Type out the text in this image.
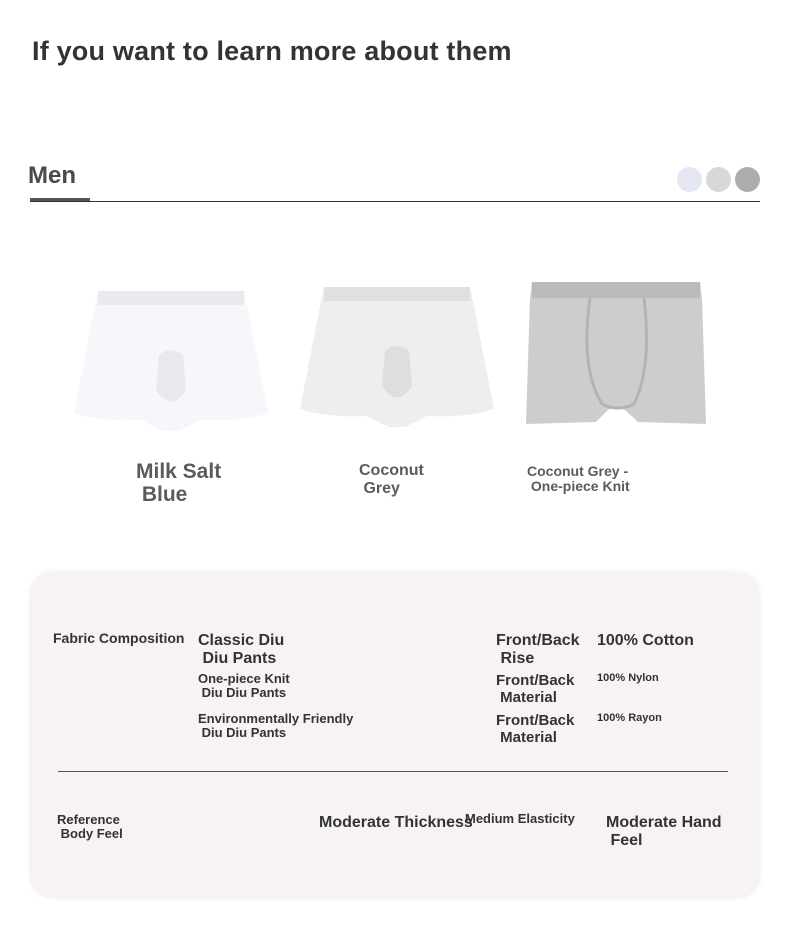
If you want to learn more about them
Men
Milk Salt
Blue
Coconut
Grey
Coconut Grey -
One-piece Knit
Fabric Composition Classic Diu
Diu Pants
One-piece Knit
Diu Diu Pants
Environmentally Friendly
Diu Diu Pants
Front/Back
Rise
100% Cotton
Front/Back
Material
100% Nylon
Front/Back
Material
100% Rayon
Reference
Body Feel
Moderate Thickness
Medium Elasticity Moderate Hand
Feel
